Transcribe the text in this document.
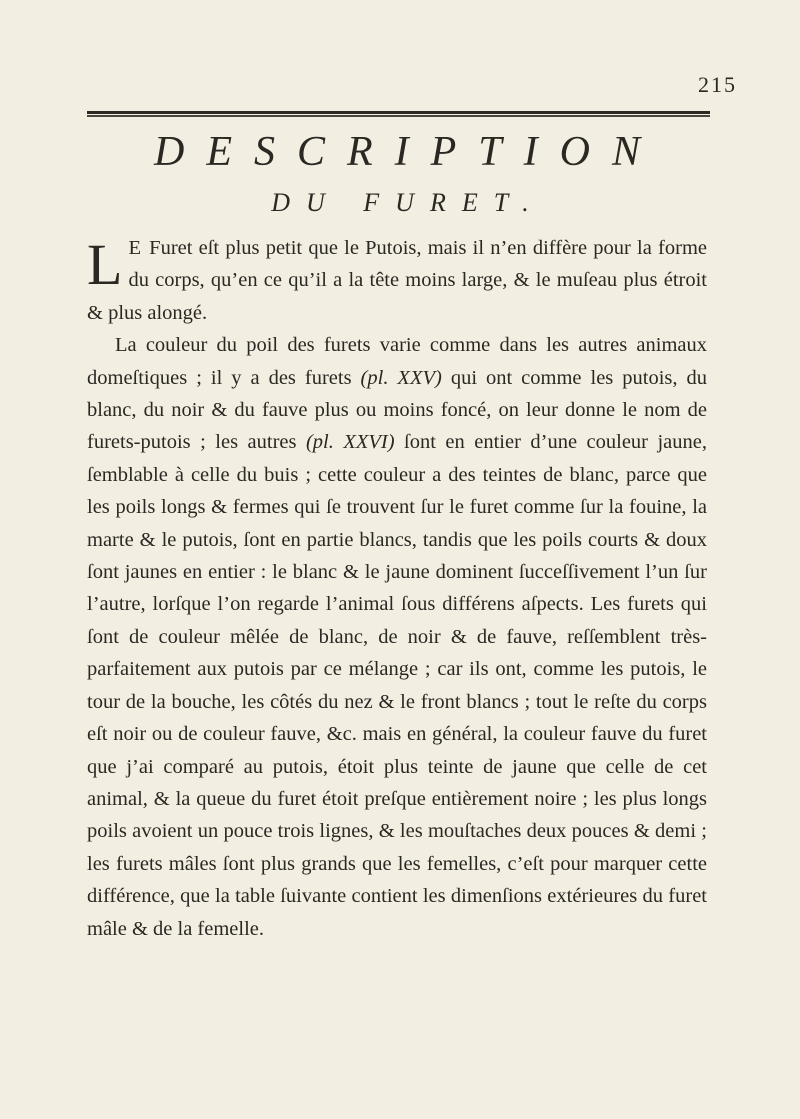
215
DESCRIPTION
DU FURET.

L E Furet eſt plus petit que le Putois, mais il n’en diffère pour la forme du corps, qu’en ce qu’il a la tête moins large, & le muſeau plus étroit & plus alongé.

La couleur du poil des furets varie comme dans les autres animaux domeſtiques ; il y a des furets (pl. XXV) qui ont comme les putois, du blanc, du noir & du fauve plus ou moins foncé, on leur donne le nom de furets-putois ; les autres (pl. XXVI) ſont en entier d’une couleur jaune, ſemblable à celle du buis ; cette couleur a des teintes de blanc, parce que les poils longs & fermes qui ſe trouvent ſur le furet comme ſur la fouine, la marte & le putois, ſont en partie blancs, tandis que les poils courts & doux ſont jaunes en entier : le blanc & le jaune dominent ſucceſſivement l’un ſur l’autre, lorſque l’on regarde l’animal ſous différens aſpects. Les furets qui ſont de couleur mêlée de blanc, de noir & de fauve, reſſemblent très-parfaitement aux putois par ce mélange ; car ils ont, comme les putois, le tour de la bouche, les côtés du nez & le front blancs ; tout le reſte du corps eſt noir ou de couleur fauve, &c. mais en général, la couleur fauve du furet que j’ai comparé au putois, étoit plus teinte de jaune que celle de cet animal, & la queue du furet étoit preſque entièrement noire ; les plus longs poils avoient un pouce trois lignes, & les mouſtaches deux pouces & demi ; les furets mâles ſont plus grands que les femelles, c’eſt pour marquer cette différence, que la table ſuivante contient les dimenſions extérieures du furet mâle & de la femelle.
